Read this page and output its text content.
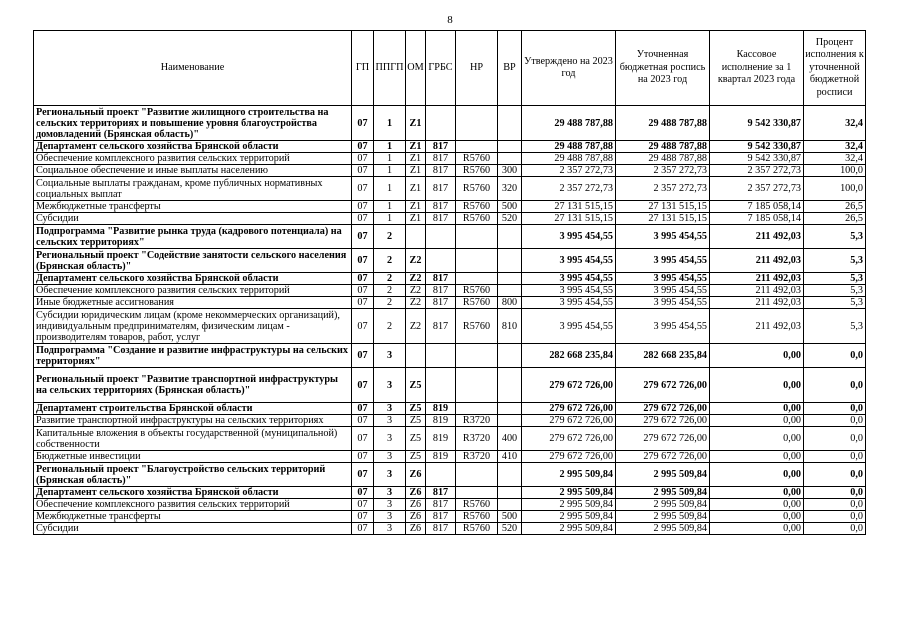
8
Наименование	ГП	ППГП	ОМ	ГРБС	НР	ВР	Утверждено на 2023 год	Уточненная бюджетная роспись на 2023 год	Кассовое исполнение за 1 квартал 2023 года	Процент исполнения к уточненной бюджетной росписи
Региональный проект "Развитие жилищного строительства на сельских территориях и повышение уровня благоустройства домовладений (Брянская область)"	07	1	Z1				29 488 787,88	29 488 787,88	9 542 330,87	32,4
Департамент сельского хозяйства Брянской области	07	1	Z1	817			29 488 787,88	29 488 787,88	9 542 330,87	32,4
Обеспечение комплексного развития сельских территорий	07	1	Z1	817	R5760		29 488 787,88	29 488 787,88	9 542 330,87	32,4
Социальное обеспечение и иные выплаты населению	07	1	Z1	817	R5760	300	2 357 272,73	2 357 272,73	2 357 272,73	100,0
Социальные выплаты гражданам, кроме публичных нормативных социальных выплат	07	1	Z1	817	R5760	320	2 357 272,73	2 357 272,73	2 357 272,73	100,0
Межбюджетные трансферты	07	1	Z1	817	R5760	500	27 131 515,15	27 131 515,15	7 185 058,14	26,5
Субсидии	07	1	Z1	817	R5760	520	27 131 515,15	27 131 515,15	7 185 058,14	26,5
Подпрограмма "Развитие рынка труда (кадрового потенциала) на сельских территориях"	07	2					3 995 454,55	3 995 454,55	211 492,03	5,3
Региональный проект "Содействие занятости сельского населения (Брянская область)"	07	2	Z2				3 995 454,55	3 995 454,55	211 492,03	5,3
Департамент сельского хозяйства Брянской области	07	2	Z2	817			3 995 454,55	3 995 454,55	211 492,03	5,3
Обеспечение комплексного развития сельских территорий	07	2	Z2	817	R5760		3 995 454,55	3 995 454,55	211 492,03	5,3
Иные бюджетные ассигнования	07	2	Z2	817	R5760	800	3 995 454,55	3 995 454,55	211 492,03	5,3
Субсидии юридическим лицам (кроме некоммерческих организаций), индивидуальным предпринимателям, физическим лицам - производителям товаров, работ, услуг	07	2	Z2	817	R5760	810	3 995 454,55	3 995 454,55	211 492,03	5,3
Подпрограмма "Создание и развитие инфраструктуры на сельских территориях"	07	3					282 668 235,84	282 668 235,84	0,00	0,0
Региональный проект "Развитие транспортной инфраструктуры на сельских территориях (Брянская область)"	07	3	Z5				279 672 726,00	279 672 726,00	0,00	0,0
Департамент строительства Брянской области	07	3	Z5	819			279 672 726,00	279 672 726,00	0,00	0,0
Развитие транспортной инфраструктуры на сельских территориях	07	3	Z5	819	R3720		279 672 726,00	279 672 726,00	0,00	0,0
Капитальные вложения в объекты государственной (муниципальной) собственности	07	3	Z5	819	R3720	400	279 672 726,00	279 672 726,00	0,00	0,0
Бюджетные инвестиции	07	3	Z5	819	R3720	410	279 672 726,00	279 672 726,00	0,00	0,0
Региональный проект "Благоустройство сельских территорий (Брянская область)"	07	3	Z6				2 995 509,84	2 995 509,84	0,00	0,0
Департамент сельского хозяйства Брянской области	07	3	Z6	817			2 995 509,84	2 995 509,84	0,00	0,0
Обеспечение комплексного развития сельских территорий	07	3	Z6	817	R5760		2 995 509,84	2 995 509,84	0,00	0,0
Межбюджетные трансферты	07	3	Z6	817	R5760	500	2 995 509,84	2 995 509,84	0,00	0,0
Субсидии	07	3	Z6	817	R5760	520	2 995 509,84	2 995 509,84	0,00	0,0
